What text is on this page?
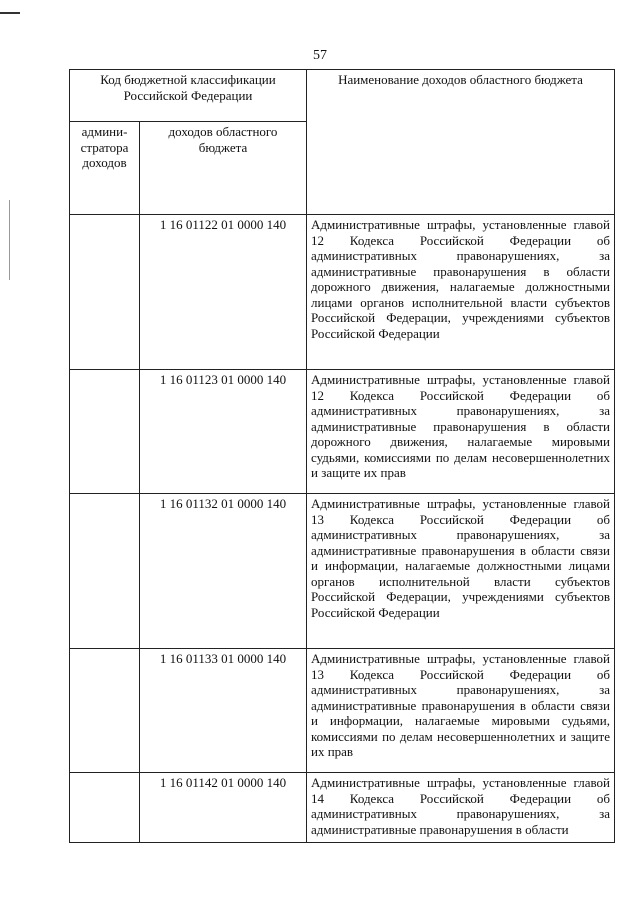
57
Код бюджетной классификации Российской Федерации		Наименование доходов областного бюджета
админи-стратора доходов	доходов областного бюджета	
	1 16 01122 01 0000 140	Административные штрафы, установленные главой 12 Кодекса Российской Федерации об административных правонарушениях, за административные правонарушения в области дорожного движения, налагаемые должностными лицами органов исполнительной власти субъектов Российской Федерации, учреждениями субъектов Российской Федерации
	1 16 01123 01 0000 140	Административные штрафы, установленные главой 12 Кодекса Российской Федерации об административных правонарушениях, за административные правонарушения в области дорожного движения, налагаемые мировыми судьями, комиссиями по делам несовершеннолетних и защите их прав
	1 16 01132 01 0000 140	Административные штрафы, установленные главой 13 Кодекса Российской Федерации об административных правонарушениях, за административные правонарушения в области связи и информации, налагаемые должностными лицами органов исполнительной власти субъектов Российской Федерации, учреждениями субъектов Российской Федерации
	1 16 01133 01 0000 140	Административные штрафы, установленные главой 13 Кодекса Российской Федерации об административных правонарушениях, за административные правонарушения в области связи и информации, налагаемые мировыми судьями, комиссиями по делам несовершеннолетних и защите их прав
	1 16 01142 01 0000 140	Административные штрафы, установленные главой 14 Кодекса Российской Федерации об административных правонарушениях, за административные правонарушения в области
